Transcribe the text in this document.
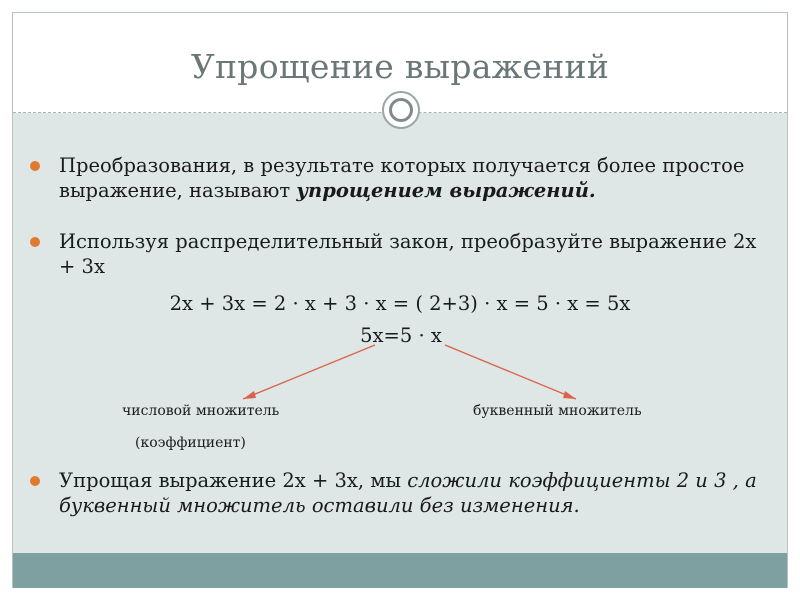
Упрощение выражений
Преобразования, в результате которых получается более простое выражение, называют упрощением выражений.
Используя распределительный закон, преобразуйте выражение 2х + 3х
2х + 3х = 2 · х + 3 · х = ( 2+3) · х = 5 · х = 5х
5х=5 · х
числовой множитель
(коэффициент)
буквенный множитель
Упрощая выражение 2х + 3х, мы сложили коэффициенты 2 и 3 , а буквенный множитель оставили без изменения.
